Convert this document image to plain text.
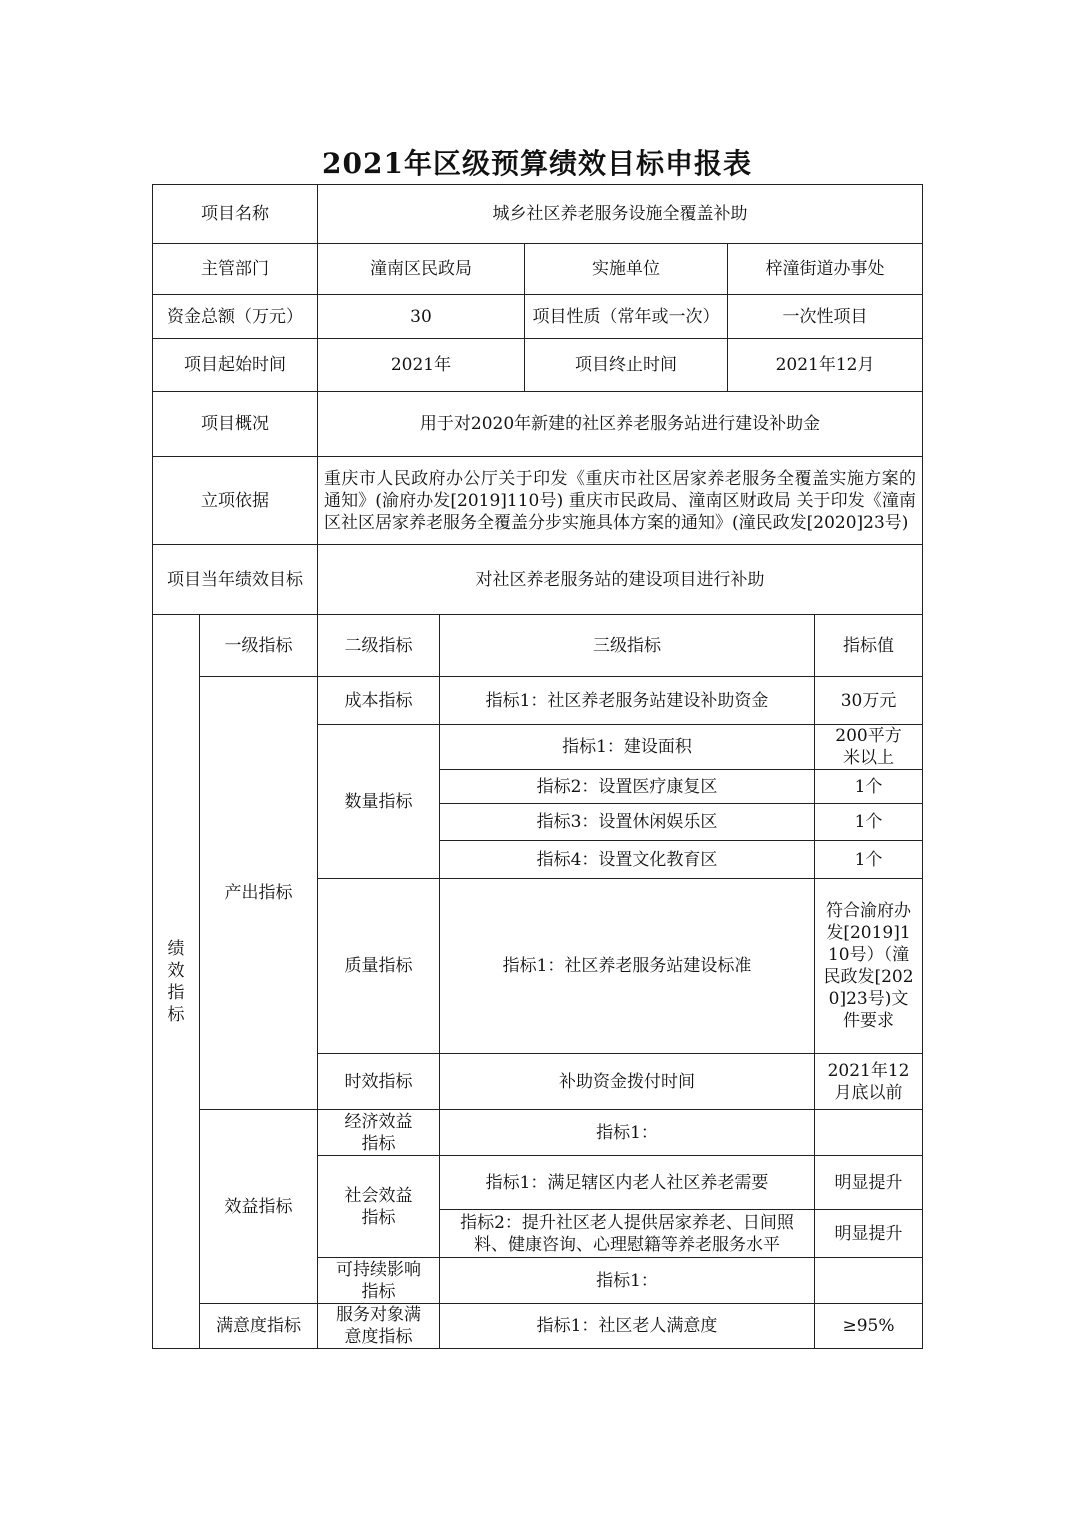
2021年区级预算绩效目标申报表
项目名称		城乡社区养老服务设施全覆盖补助				
主管部门		潼南区民政局		实施单位	梓潼街道办事处	
资金总额（万元）		30		项目性质（常年或一次）	一次性项目	
项目起始时间		2021年		项目终止时间	2021年12月	
项目概况		用于对2020年新建的社区养老服务站进行建设补助金				
立项依据		重庆市人民政府办公厅关于印发《重庆市社区居家养老服务全覆盖实施方案的通知》(渝府办发[2019]110号) 重庆市民政局、潼南区财政局 关于印发《潼南区社区居家养老服务全覆盖分步实施具体方案的通知》(潼民政发[2020]23号)				
项目当年绩效目标		对社区养老服务站的建设项目进行补助				

绩效指标	一级指标	二级指标	三级指标			指标值
	产出指标	成本指标	指标1：社区养老服务站建设补助资金			30万元
		数量指标	指标1：建设面积			200平方米以上
			指标2：设置医疗康复区			1个
			指标3：设置休闲娱乐区			1个
			指标4：设置文化教育区			1个
		质量指标	指标1：社区养老服务站建设标准			符合渝府办发[2019]110号）（潼民政发[2020]23号)文件要求
		时效指标	补助资金拨付时间			2021年12月底以前
	效益指标	经济效益指标	指标1：			
		社会效益指标	指标1：满足辖区内老人社区养老需要			明显提升
			指标2：提升社区老人提供居家养老、日间照料、健康咨询、心理慰籍等养老服务水平			明显提升
		可持续影响指标	指标1：			
	满意度指标	服务对象满意度指标	指标1：社区老人满意度			≥95%
